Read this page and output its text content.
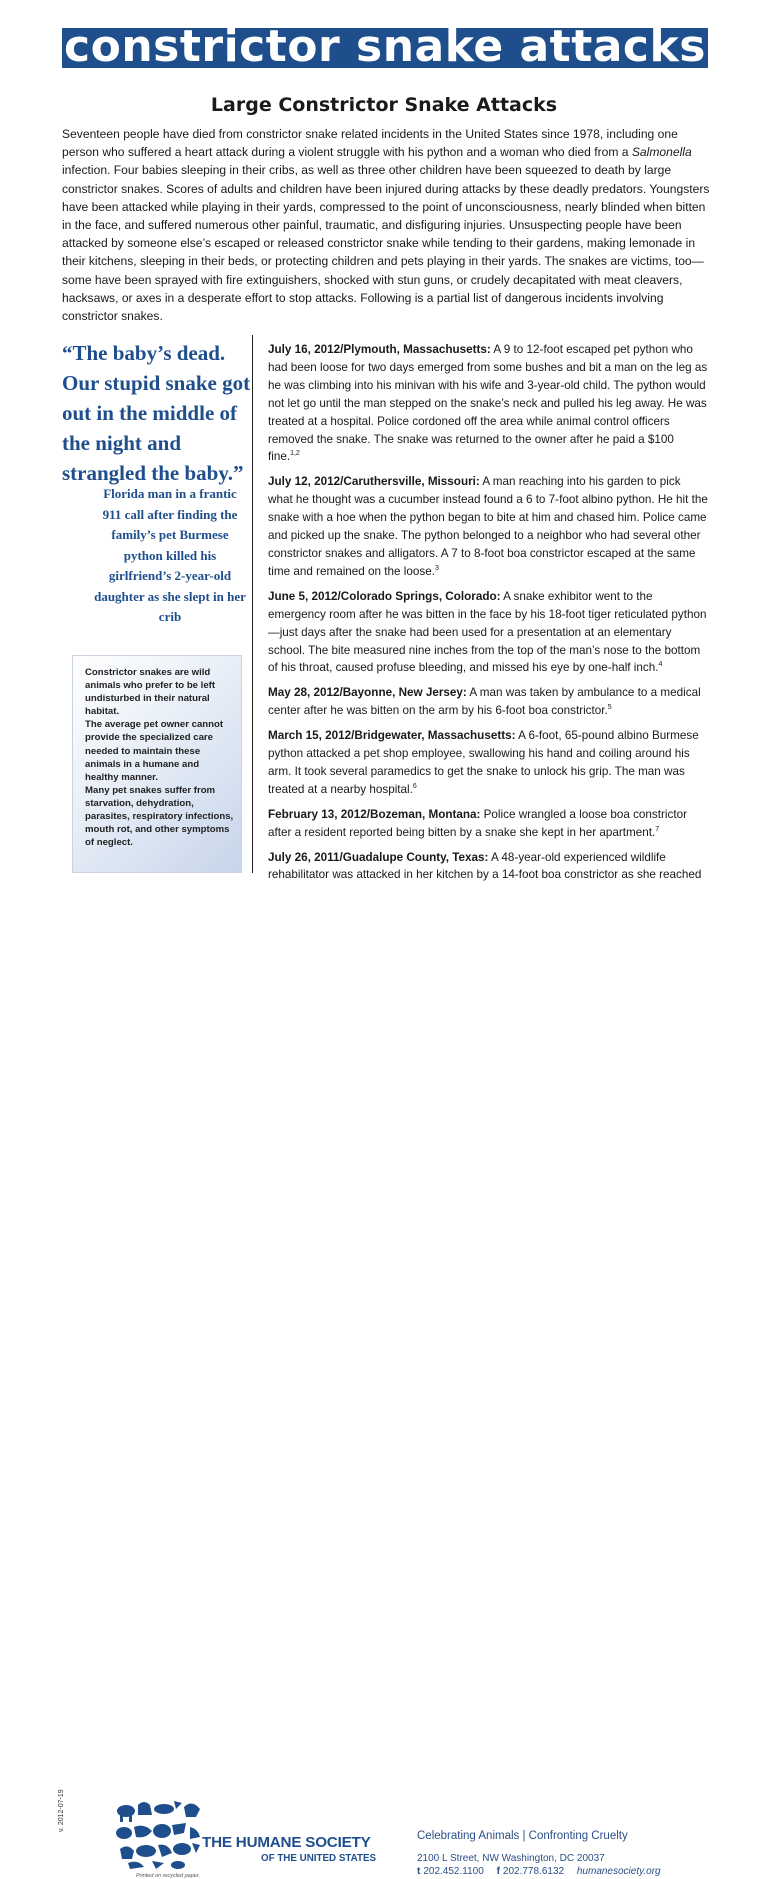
constrictor snake attacks
Large Constrictor Snake Attacks

Seventeen people have died from constrictor snake related incidents in the United States since 1978, including one person who suffered a heart attack during a violent struggle with his python and a woman who died from a Salmonella infection. Four babies sleeping in their cribs, as well as three other children have been squeezed to death by large constrictor snakes. Scores of adults and children have been injured during attacks by these deadly predators. Youngsters have been attacked while playing in their yards, compressed to the point of unconsciousness, nearly blinded when bitten in the face, and suffered numerous other painful, traumatic, and disfiguring injuries. Unsuspecting people have been attacked by someone else’s escaped or released constrictor snake while tending to their gardens, making lemonade in their kitchens, sleeping in their beds, or protecting children and pets playing in their yards. The snakes are victims, too—some have been sprayed with fire extinguishers, shocked with stun guns, or crudely decapitated with meat cleavers, hacksaws, or axes in a desperate effort to stop attacks. Following is a partial list of dangerous incidents involving constrictor snakes.

“The baby’s dead. Our stupid snake got out in the middle of the night and strangled the baby.”
Florida man in a frantic 911 call after finding the family’s pet Burmese python killed his girlfriend’s 2-year-old daughter as she slept in her crib

Constrictor snakes are wild animals who prefer to be left undisturbed in their natural habitat.

The average pet owner cannot provide the specialized care needed to maintain these animals in a humane and healthy manner.

Many pet snakes suffer from starvation, dehydration, parasites, respiratory infections, mouth rot, and other symptoms of neglect.

July 16, 2012/Plymouth, Massachusetts: A 9 to 12-foot escaped pet python who had been loose for two days emerged from some bushes and bit a man on the leg as he was climbing into his minivan with his wife and 3-year-old child. The python would not let go until the man stepped on the snake’s neck and pulled his leg away. He was treated at a hospital. Police cordoned off the area while animal control officers removed the snake. The snake was returned to the owner after he paid a $100 fine.$^{1,2}$

July 12, 2012/Caruthersville, Missouri: A man reaching into his garden to pick what he thought was a cucumber instead found a 6 to 7-foot albino python. He hit the snake with a hoe when the python began to bite at him and chased him. Police came and picked up the snake. The python belonged to a neighbor who had several other constrictor snakes and alligators. A 7 to 8-foot boa constrictor escaped at the same time and remained on the loose.$^3$

June 5, 2012/Colorado Springs, Colorado: A snake exhibitor went to the emergency room after he was bitten in the face by his 18-foot tiger reticulated python—just days after the snake had been used for a presentation at an elementary school. The bite measured nine inches from the top of the man’s nose to the bottom of his throat, caused profuse bleeding, and missed his eye by one-half inch.$^4$

May 28, 2012/Bayonne, New Jersey: A man was taken by ambulance to a medical center after he was bitten on the arm by his 6-foot boa constrictor.$^5$

March 15, 2012/Bridgewater, Massachusetts: A 6-foot, 65-pound albino Burmese python attacked a pet shop employee, swallowing his hand and coiling around his arm. It took several paramedics to get the snake to unlock his grip. The man was treated at a nearby hospital.$^6$

February 13, 2012/Bozeman, Montana: Police wrangled a loose boa constrictor after a resident reported being bitten by a snake she kept in her apartment.$^7$

July 26, 2011/Guadalupe County, Texas: A 48-year-old experienced wildlife rehabilitator was attacked in her kitchen by a 14-foot boa constrictor as she reached

v. 2012-07-19
THE HUMANE SOCIETY
OF THE UNITED STATES
Printed on recycled paper.
Celebrating Animals | Confronting Cruelty
2100 L Street, NW Washington, DC 20037
t 202.452.1100 f 202.778.6132 humanesociety.org
